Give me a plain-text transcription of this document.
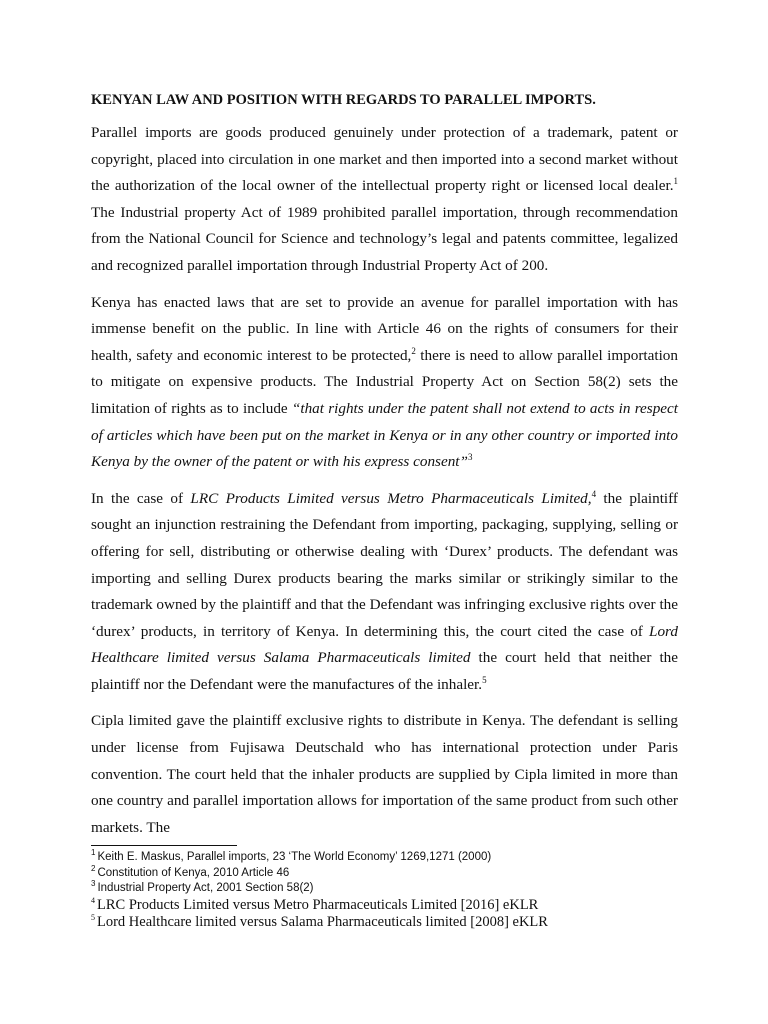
KENYAN LAW AND POSITION WITH REGARDS TO PARALLEL IMPORTS.

Parallel imports are goods produced genuinely under protection of a trademark, patent or copyright, placed into circulation in one market and then imported into a second market without the authorization of the local owner of the intellectual property right or licensed local dealer.$^1$ The Industrial property Act of 1989 prohibited parallel importation, through recommendation from the National Council for Science and technology’s legal and patents committee, legalized and recognized parallel importation through Industrial Property Act of 200.

Kenya has enacted laws that are set to provide an avenue for parallel importation with has immense benefit on the public. In line with Article 46 on the rights of consumers for their health, safety and economic interest to be protected,$^2$ there is need to allow parallel importation to mitigate on expensive products. The Industrial Property Act on Section 58(2) sets the limitation of rights as to include “that rights under the patent shall not extend to acts in respect of articles which have been put on the market in Kenya or in any other country or imported into Kenya by the owner of the patent or with his express consent”$^3$

In the case of LRC Products Limited versus Metro Pharmaceuticals Limited,$^4$ the plaintiff sought an injunction restraining the Defendant from importing, packaging, supplying, selling or offering for sell, distributing or otherwise dealing with ‘Durex’ products. The defendant was importing and selling Durex products bearing the marks similar or strikingly similar to the trademark owned by the plaintiff and that the Defendant was infringing exclusive rights over the ‘durex’ products, in territory of Kenya. In determining this, the court cited the case of Lord Healthcare limited versus Salama Pharmaceuticals limited the court held that neither the plaintiff nor the Defendant were the manufactures of the inhaler.$^5$

Cipla limited gave the plaintiff exclusive rights to distribute in Kenya. The defendant is selling under license from Fujisawa Deutschald who has international protection under Paris convention. The court held that the inhaler products are supplied by Cipla limited in more than one country and parallel importation allows for importation of the same product from such other markets. The

$^1$ Keith E. Maskus, Parallel imports, 23 ‘The World Economy’ 1269,1271 (2000)
$^2$ Constitution of Kenya, 2010 Article 46
$^3$ Industrial Property Act, 2001 Section 58(2)
$^4$ LRC Products Limited versus Metro Pharmaceuticals Limited [2016] eKLR
$^5$ Lord Healthcare limited versus Salama Pharmaceuticals limited [2008] eKLR
